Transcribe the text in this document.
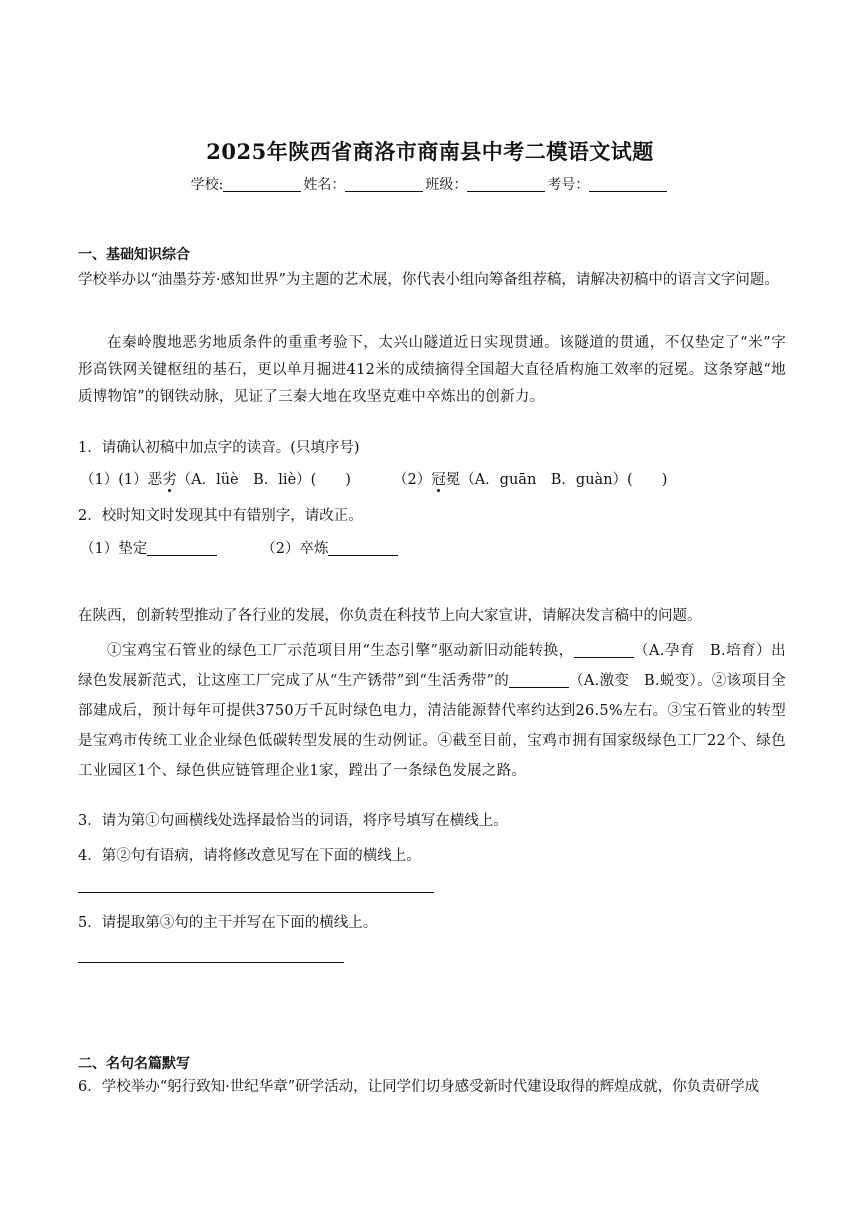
2025年陕西省商洛市商南县中考二模语文试题
学校:	姓名：	班级：	考号：
一、基础知识综合
学校举办以“油墨芬芳·感知世界”为主题的艺术展，你代表小组向筹备组荐稿，请解决初稿中的语言文字问题。
在秦岭腹地恶劣地质条件的重重考验下，太兴山隧道近日实现贯通。该隧道的贯通，不仅垫定了“米”字形高铁网关键枢纽的基石，更以单月掘进412米的成绩摘得全国超大直径盾构施工效率的冠冕。这条穿越“地质博物馆”的钢铁动脉，见证了三秦大地在攻坚克难中卒炼出的创新力。
1．请确认初稿中加点字的读音。(只填序号)
（1）(1）恶劣（A．lüè　B．liè）(　　)	（2）冠冕（A．guān　B．guàn）(　　)
2．校时知文时发现其中有错别字，请改正。
（1）垫定	（2）卒炼
在陕西，创新转型推动了各行业的发展，你负责在科技节上向大家宣讲，请解决发言稿中的问题。
①宝鸡宝石管业的绿色工厂示范项目用“生态引擎”驱动新旧动能转换，	（A.孕育　B.培育）出绿色发展新范式，让这座工厂完成了从“生产锈带”到“生活秀带”的	（A.激变　B.蜕变）。②该项目全部建成后，预计每年可提供3750万千瓦时绿色电力，清洁能源替代率约达到26.5%左右。③宝石管业的转型是宝鸡市传统工业企业绿色低碳转型发展的生动例证。④截至目前，宝鸡市拥有国家级绿色工厂22个、绿色工业园区1个、绿色供应链管理企业1家，蹚出了一条绿色发展之路。
3．请为第①句画横线处选择最恰当的词语，将序号填写在横线上。
4．第②句有语病，请将修改意见写在下面的横线上。
5．请提取第③句的主干并写在下面的横线上。
二、名句名篇默写
6．学校举办“躬行致知·世纪华章”研学活动，让同学们切身感受新时代建设取得的辉煌成就，你负责研学成
